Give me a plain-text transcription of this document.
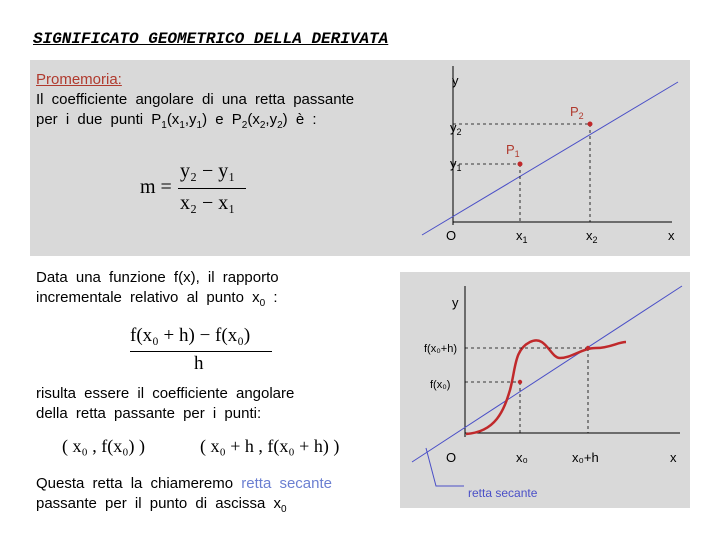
SIGNIFICATO GEOMETRICO DELLA DERIVATA
Promemoria:
Il coefficiente angolare di una retta passante
per i due punti $P_1(x_1,y_1)$ e $P_2(x_2,y_2)$ è :
m =
y₂ − y₁
x₂ − x₁
y
$y_2$
$y_1$
$P_2$
$P_1$
O	$x_1$	$x_2$	x
Data una funzione f(x), il rapporto
incrementale relativo al punto $x_0$ :
f(x₀ + h) − f(x₀)
h
risulta essere il coefficiente angolare
della retta passante per i punti:
( x₀ , f(x₀) )	( x₀ + h , f(x₀ + h) )
Questa retta la chiameremo retta secante
passante per il punto di ascissa $x_0$
y
f(x₀+h)
f(x₀)
O	x₀	x₀+h	x
retta secante
